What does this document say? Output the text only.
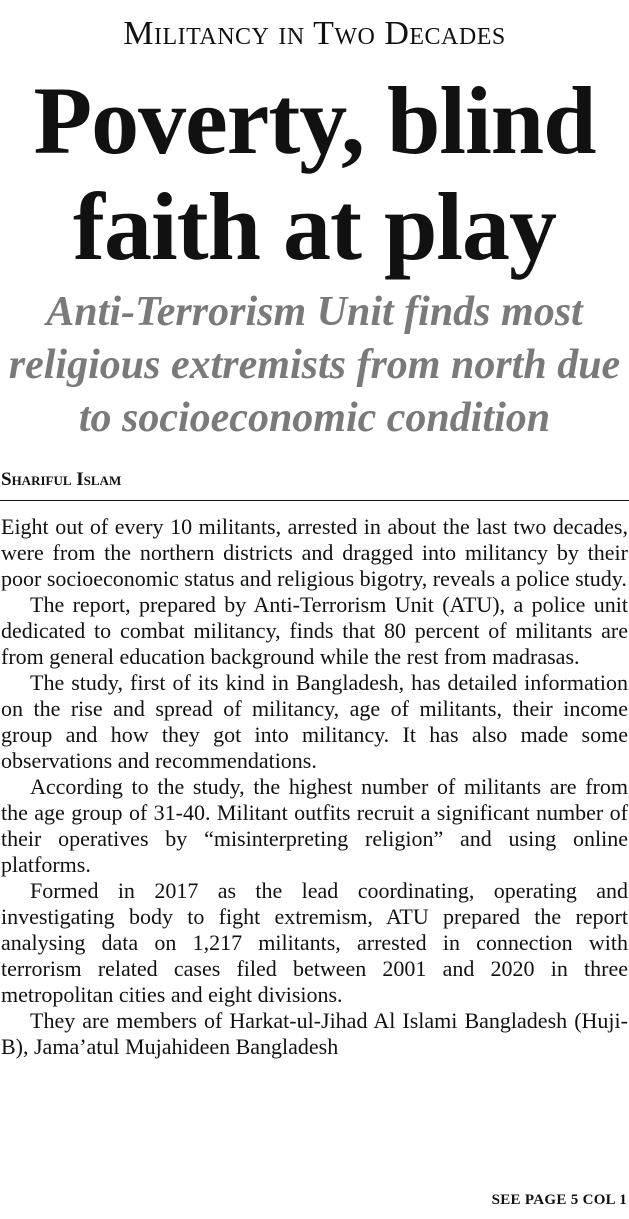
Militancy in Two Decades
Poverty, blind faith at play
Anti-Terrorism Unit finds most religious extremists from north due to socioeconomic condition
Shariful Islam

Eight out of every 10 militants, arrested in about the last two decades, were from the northern districts and dragged into militancy by their poor socioeconomic status and religious bigotry, reveals a police study.

The report, prepared by Anti-Terrorism Unit (ATU), a police unit dedicated to combat militancy, finds that 80 percent of militants are from general education background while the rest from madrasas.

The study, first of its kind in Bangladesh, has detailed information on the rise and spread of militancy, age of militants, their income group and how they got into militancy. It has also made some observations and recommendations.

According to the study, the highest number of militants are from the age group of 31-40. Militant outfits recruit a significant number of their operatives by “misinterpreting religion” and using online platforms.

Formed in 2017 as the lead coordinating, operating and investigating body to fight extremism, ATU prepared the report analysing data on 1,217 militants, arrested in connection with terrorism related cases filed between 2001 and 2020 in three metropolitan cities and eight divisions.

They are members of Harkat-ul-Jihad Al Islami Bangladesh (Huji-B), Jama’atul Mujahideen Bangladesh

SEE PAGE 5 COL 1
